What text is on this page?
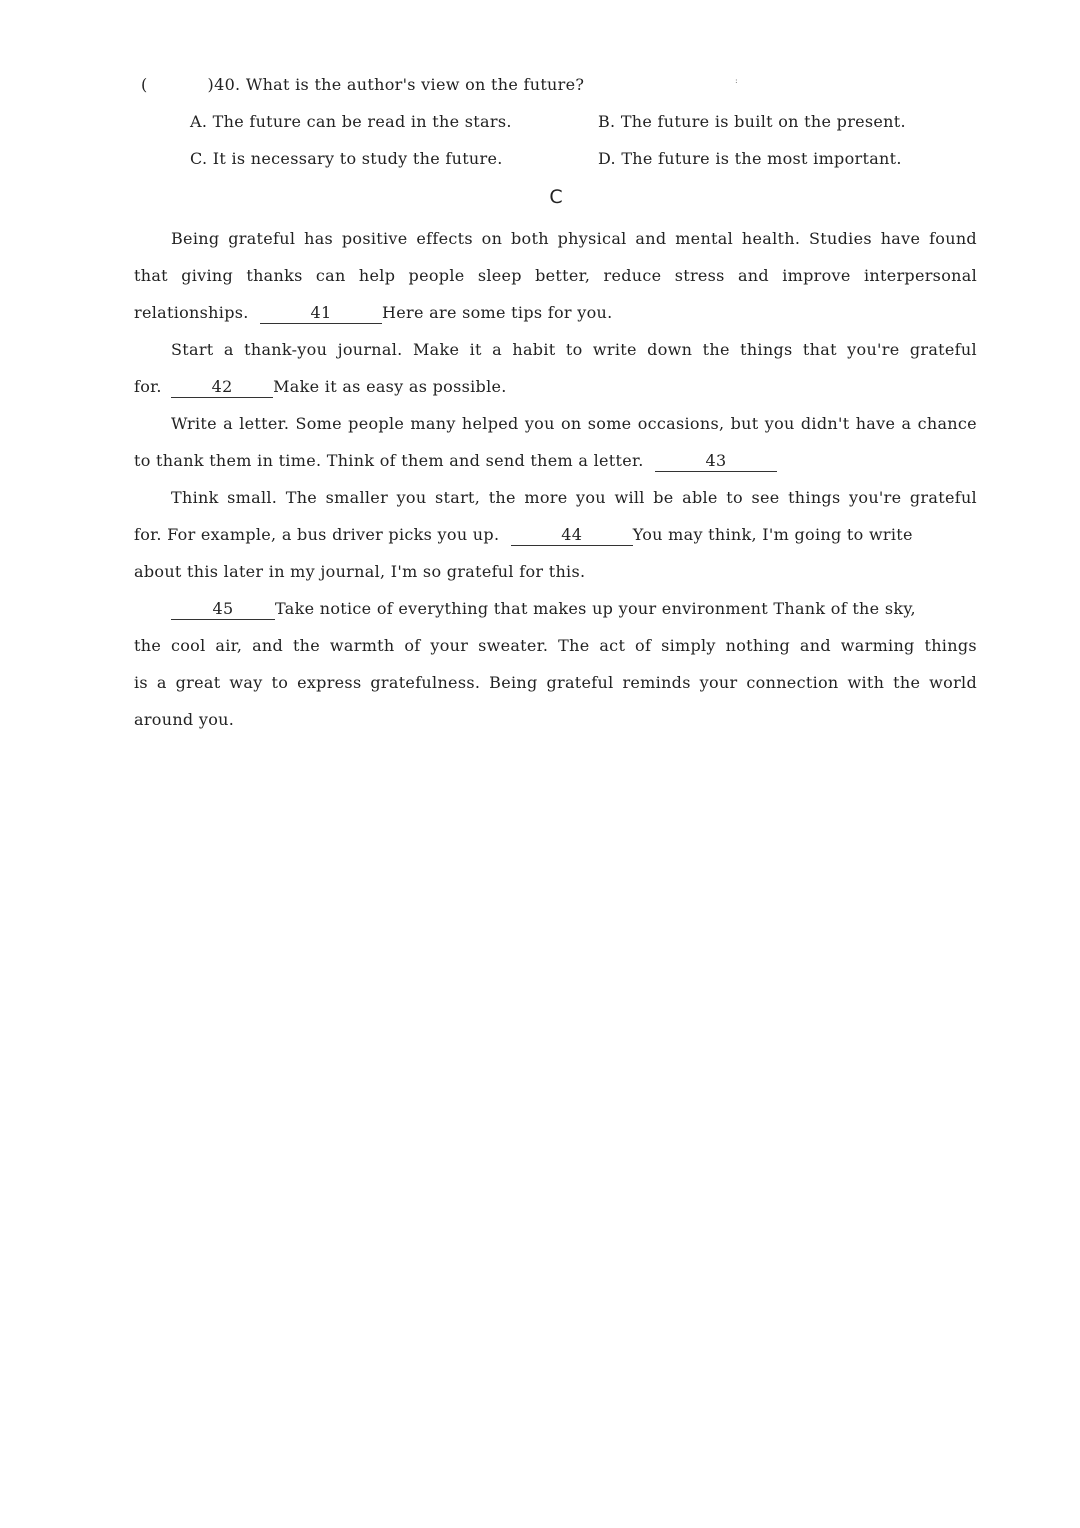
(	)40. What is the author's view on the future?	:
A. The future can be read in the stars.	B. The future is built on the present.
C. It is necessary to study the future.	D. The future is the most important.
C
Being grateful has positive effects on both physical and mental health. Studies have found
that giving thanks can help people sleep better, reduce stress and improve interpersonal
relationships.	41	Here are some tips for you.
Start a thank-you journal. Make it a habit to write down the things that you're grateful
for.	42	Make it as easy as possible.
Write a letter. Some people many helped you on some occasions, but you didn't have a chance
to thank them in time. Think of them and send them a letter.	43
Think small. The smaller you start, the more you will be able to see things you're grateful
for. For example, a bus driver picks you up.	44	You may think, I'm going to write
about this later in my journal, I'm so grateful for this.
45	Take notice of everything that makes up your environment Thank of the sky,
the cool air, and the warmth of your sweater. The act of simply nothing and warming things
is a great way to express gratefulness. Being grateful reminds your connection with the world
around you.
